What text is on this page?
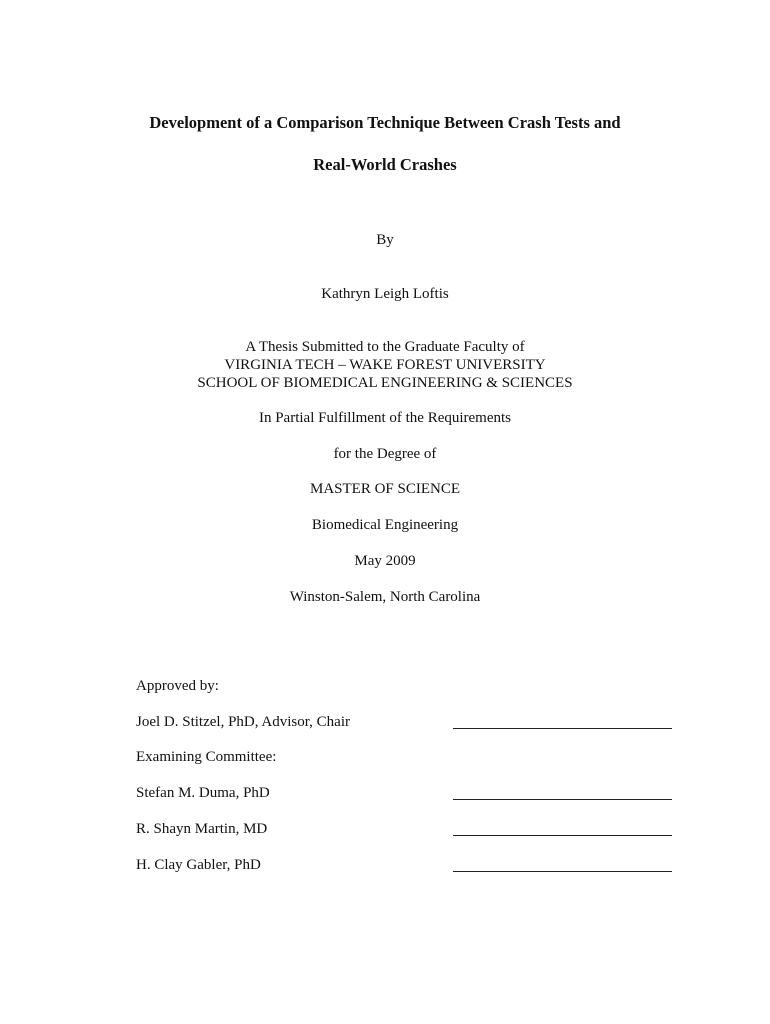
Development of a Comparison Technique Between Crash Tests and
Real-World Crashes
By
Kathryn Leigh Loftis
A Thesis Submitted to the Graduate Faculty of
VIRGINIA TECH – WAKE FOREST UNIVERSITY
SCHOOL OF BIOMEDICAL ENGINEERING & SCIENCES
In Partial Fulfillment of the Requirements
for the Degree of
MASTER OF SCIENCE
Biomedical Engineering
May 2009
Winston-Salem, North Carolina
Approved by:
Joel D. Stitzel, PhD, Advisor, Chair
Examining Committee:
Stefan M. Duma, PhD
R. Shayn Martin, MD
H. Clay Gabler, PhD
